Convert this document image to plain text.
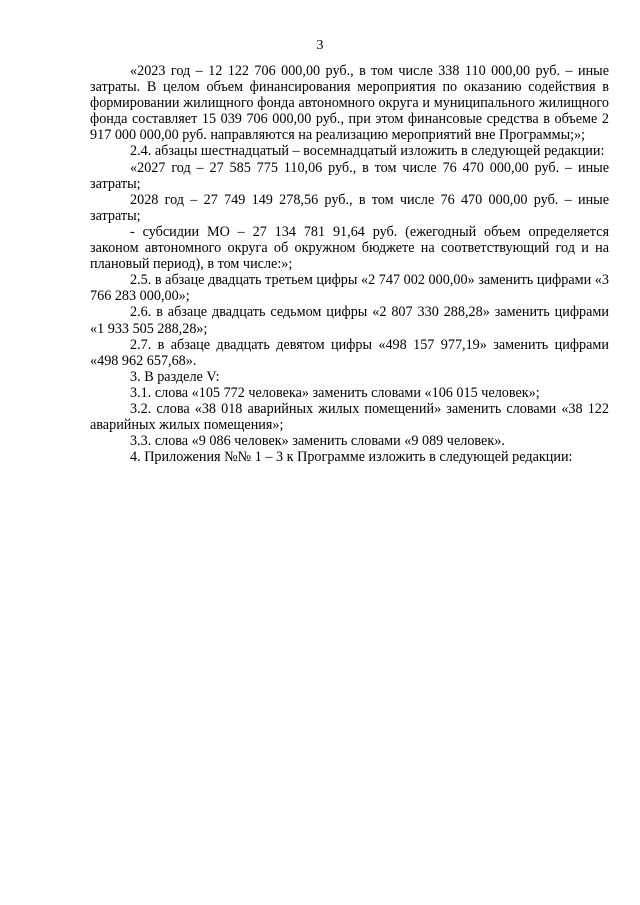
3

«2023 год – 12 122 706 000,00 руб., в том числе 338 110 000,00 руб. – иные затраты. В целом объем финансирования мероприятия по оказанию содействия в формировании жилищного фонда автономного округа и муниципального жилищного фонда составляет 15 039 706 000,00 руб., при этом финансовые средства в объеме 2 917 000 000,00 руб. направляются на реализацию мероприятий вне Программы;»;

2.4. абзацы шестнадцатый – восемнадцатый изложить в следующей редакции:

«2027 год – 27 585 775 110,06 руб., в том числе 76 470 000,00 руб. – иные затраты;

2028 год – 27 749 149 278,56 руб., в том числе 76 470 000,00 руб. – иные затраты;

- субсидии МО – 27 134 781 91,64 руб. (ежегодный объем определяется законом автономного округа об окружном бюджете на соответствующий год и на плановый период), в том числе:»;

2.5. в абзаце двадцать третьем цифры «2 747 002 000,00» заменить цифрами «3 766 283 000,00»;

2.6. в абзаце двадцать седьмом цифры «2 807 330 288,28» заменить цифрами «1 933 505 288,28»;

2.7. в абзаце двадцать девятом цифры «498 157 977,19» заменить цифрами «498 962 657,68».

3. В разделе V:

3.1. слова «105 772 человека» заменить словами «106 015 человек»;

3.2. слова «38 018 аварийных жилых помещений» заменить словами «38 122 аварийных жилых помещения»;

3.3. слова «9 086 человек» заменить словами «9 089 человек».

4. Приложения №№ 1 – 3 к Программе изложить в следующей редакции:
